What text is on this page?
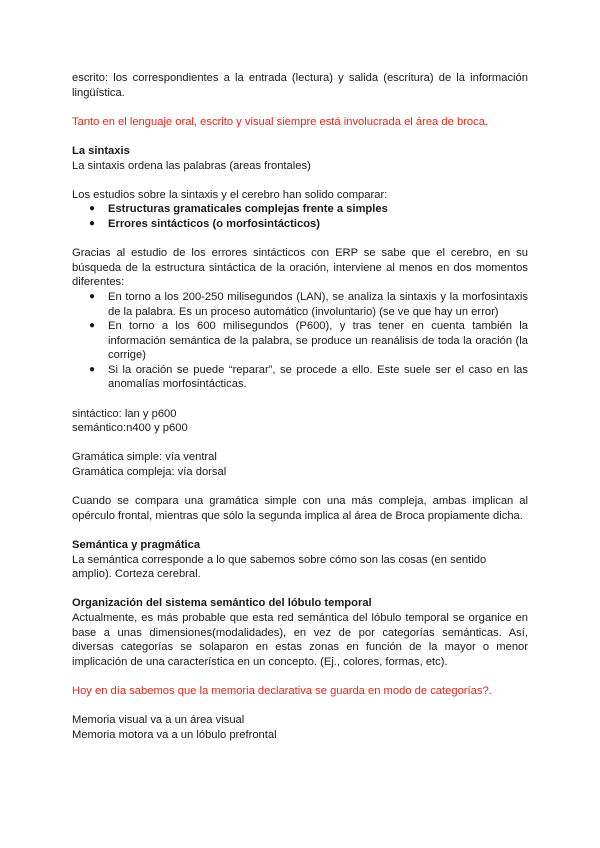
escrito: los correspondientes a la entrada (lectura) y salida (escritura) de la información lingüística.

Tanto en el lenguaje oral, escrito y visual siempre está involucrada el área de broca.

La sintaxis

La sintaxis ordena las palabras (areas frontales)

Los estudios sobre la sintaxis y el cerebro han solido comparar:

● Estructuras gramaticales complejas frente a simples
● Errores sintácticos (o morfosintácticos)

Gracias al estudio de los errores sintácticos con ERP se sabe que el cerebro, en su búsqueda de la estructura sintáctica de la oración, interviene al menos en dos momentos diferentes:

● En torno a los 200-250 milisegundos (LAN), se analiza la sintaxis y la morfosintaxis de la palabra. Es un proceso automático (involuntario) (se ve que hay un error)
● En torno a los 600 milisegundos (P600), y tras tener en cuenta también la información semántica de la palabra, se produce un reanálisis de toda la oración (la corrige)
● Si la oración se puede “reparar”, se procede a ello. Este suele ser el caso en las anomalías morfosintácticas.

sintáctico: lan y p600

semántico:n400 y p600

Gramática simple: vía ventral

Gramática compleja: vía dorsal

Cuando se compara una gramática simple con una más compleja, ambas implican al opérculo frontal, mientras que sólo la segunda implica al área de Broca propiamente dicha.

Semántica y pragmática

La semántica corresponde a lo que sabemos sobre cómo son las cosas (en sentido amplio). Corteza cerebral.

Organización del sistema semántico del lóbulo temporal

Actualmente, es más probable que esta red semántica del lóbulo temporal se organice en base a unas dimensiones(modalidades), en vez de por categorías semánticas. Así, diversas categorías se solaparon en estas zonas en función de la mayor o menor implicación de una característica en un concepto. (Ej., colores, formas, etc).

Hoy en día sabemos que la memoria declarativa se guarda en modo de categorías?.

Memoria visual va a un área visual

Memoria motora va a un lóbulo prefrontal
